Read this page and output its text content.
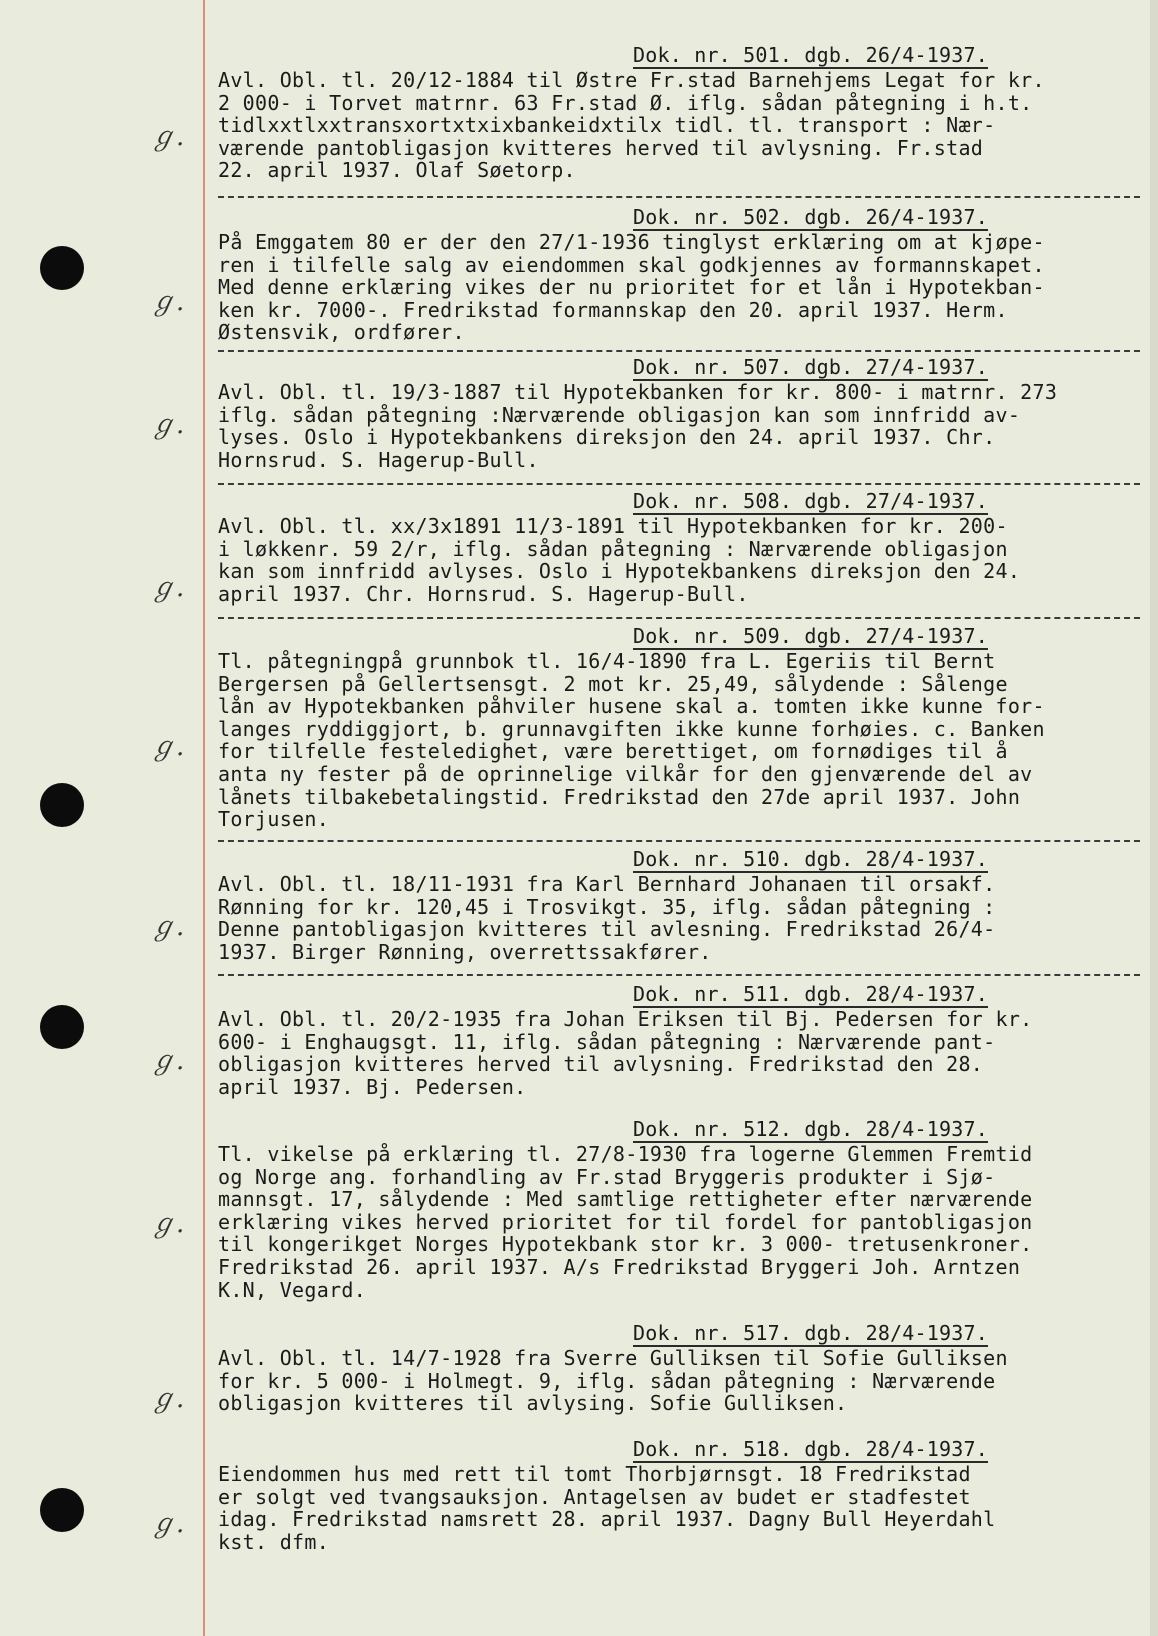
Dok. nr. 501. dgb. 26/4-1937.
Avl. Obl. tl. 20/12-1884 til Østre Fr.stad Barnehjems Legat for kr.
2 000- i Torvet matrnr. 63 Fr.stad Ø. iflg. sådan påtegning i h.t.
tidlxxtlxxtransxortxtxixbankeidxtilx tidl. tl. transport : Nær-
værende pantobligasjon kvitteres herved til avlysning. Fr.stad
22. april 1937. Olaf Søetorp.
ℊ.
Dok. nr. 502. dgb. 26/4-1937.
På Emggatem 80 er der den 27/1-1936 tinglyst erklæring om at kjøpe-
ren i tilfelle salg av eiendommen skal godkjennes av formannskapet.
Med denne erklæring vikes der nu prioritet for et lån i Hypotekban-
ken kr. 7000-. Fredrikstad formannskap den 20. april 1937. Herm.
Østensvik, ordfører.
ℊ.
Dok. nr. 507. dgb. 27/4-1937.
Avl. Obl. tl. 19/3-1887 til Hypotekbanken for kr. 800- i matrnr. 273
iflg. sådan påtegning :Nærværende obligasjon kan som innfridd av-
lyses. Oslo i Hypotekbankens direksjon den 24. april 1937. Chr.
Hornsrud. S. Hagerup-Bull.
ℊ.
Dok. nr. 508. dgb. 27/4-1937.
Avl. Obl. tl. xx/3x1891 11/3-1891 til Hypotekbanken for kr. 200-
i løkkenr. 59 2/r, iflg. sådan påtegning : Nærværende obligasjon
kan som innfridd avlyses. Oslo i Hypotekbankens direksjon den 24.
april 1937. Chr. Hornsrud. S. Hagerup-Bull.
ℊ.
Dok. nr. 509. dgb. 27/4-1937.
Tl. påtegningpå grunnbok tl. 16/4-1890 fra L. Egeriis til Bernt
Bergersen på Gellertsensgt. 2 mot kr. 25,49, sålydende : Sålenge
lån av Hypotekbanken påhviler husene skal a. tomten ikke kunne for-
langes ryddiggjort, b. grunnavgiften ikke kunne forhøies. c. Banken
for tilfelle festeledighet, være berettiget, om fornødiges til å
anta ny fester på de oprinnelige vilkår for den gjenværende del av
lånets tilbakebetalingstid. Fredrikstad den 27de april 1937. John
Torjusen.
ℊ.
Dok. nr. 510. dgb. 28/4-1937.
Avl. Obl. tl. 18/11-1931 fra Karl Bernhard Johanaen til orsakf.
Rønning for kr. 120,45 i Trosvikgt. 35, iflg. sådan påtegning :
Denne pantobligasjon kvitteres til avlesning. Fredrikstad 26/4-
1937. Birger Rønning, overrettssakfører.
ℊ.
Dok. nr. 511. dgb. 28/4-1937.
Avl. Obl. tl. 20/2-1935 fra Johan Eriksen til Bj. Pedersen for kr.
600- i Enghaugsgt. 11, iflg. sådan påtegning : Nærværende pant-
obligasjon kvitteres herved til avlysning. Fredrikstad den 28.
april 1937. Bj. Pedersen.
ℊ.
Dok. nr. 512. dgb. 28/4-1937.
Tl. vikelse på erklæring tl. 27/8-1930 fra logerne Glemmen Fremtid
og Norge ang. forhandling av Fr.stad Bryggeris produkter i Sjø-
mannsgt. 17, sålydende : Med samtlige rettigheter efter nærværende
erklæring vikes herved prioritet for til fordel for pantobligasjon
til kongerikget Norges Hypotekbank stor kr. 3 000- tretusenkroner.
Fredrikstad 26. april 1937. A/s Fredrikstad Bryggeri Joh. Arntzen
K.N, Vegard.
ℊ.
Dok. nr. 517. dgb. 28/4-1937.
Avl. Obl. tl. 14/7-1928 fra Sverre Gulliksen til Sofie Gulliksen
for kr. 5 000- i Holmegt. 9, iflg. sådan påtegning : Nærværende
obligasjon kvitteres til avlysing. Sofie Gulliksen.
ℊ.
Dok. nr. 518. dgb. 28/4-1937.
Eiendommen hus med rett til tomt Thorbjørnsgt. 18 Fredrikstad
er solgt ved tvangsauksjon. Antagelsen av budet er stadfestet
idag. Fredrikstad namsrett 28. april 1937. Dagny Bull Heyerdahl
kst. dfm.
ℊ.
